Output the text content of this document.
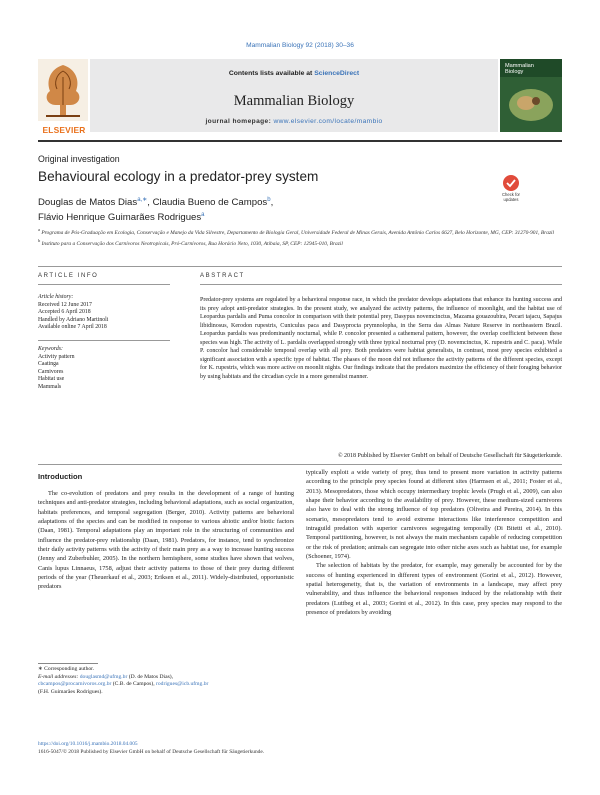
Mammalian Biology 92 (2018) 30–36
ELSEVIER
Contents lists available at ScienceDirect
Mammalian Biology
journal homepage: www.elsevier.com/locate/mambio
Mammalian
Biology
Original investigation
Behavioural ecology in a predator-prey system
Check for
updates
Douglas de Matos Dias$^{a,∗}$, Claudia Bueno de Campos$^b$,
Flávio Henrique Guimarães Rodrigues$^a$
$^a$ Programa de Pós-Graduação em Ecologia, Conservação e Manejo da Vida Silvestre, Departamento de Biologia Geral, Universidade Federal de Minas Gerais, Avenida Antônio Carlos 6627, Belo Horizonte, MG, CEP: 31270-901, Brazil
$^b$ Instituto para a Conservação dos Carnívoros Neotropicais, Pró-Carnívoros, Rua Horácio Neto, 1030, Atibaia, SP, CEP: 12945-010, Brazil
ARTICLE INFO	ABSTRACT
Article history:
Received 12 June 2017
Accepted 6 April 2018
Handled by Adriano Martinoli
Available online 7 April 2018
Keywords:
Activity pattern
Caatinga
Carnivores
Habitat use
Mammals
Predator-prey systems are regulated by a behavioral response race, in which the predator develops adaptations that enhance its hunting success and its prey adopt anti-predator strategies. In the present study, we analyzed the activity patterns, the influence of moonlight, and the habitat use of Leopardus pardalis and Puma concolor in comparison with their potential prey, Dasypus novemcinctus, Mazama gouazoubira, Pecari tajacu, Sapajus libidinosus, Kerodon rupestris, Cuniculus paca and Dasyprocta prymnolopha, in the Serra das Almas Nature Reserve in northeastern Brazil. Leopardus pardalis was predominantly nocturnal, while P. concolor presented a cathemeral pattern, however, the overlap coefficient between these species was high. The activity of L. pardalis overlapped strongly with three typical nocturnal prey (D. novemcinctus, K. rupestris and C. paca). While P. concolor had considerable temporal overlap with all prey. Both predators were habitat generalists, in contrast, most prey species exhibited a significant association with a specific type of habitat. The phases of the moon did not influence the activity patterns of the different species, except for K. rupestris, which was more active on moonlit nights. Our findings indicate that the predators maximize the efficiency of their foraging behavior by using habitats and the circadian cycle in a more generalist manner.
© 2018 Published by Elsevier GmbH on behalf of Deutsche Gesellschaft für Säugetierkunde.
Introduction
The co-evolution of predators and prey results in the development of a range of hunting techniques and anti-predator strategies, including behavioral adaptations, such as social organization, habitats preferences, and temporal segregation (Berger, 2010). Activity patterns are behavioral adaptations of the species and can be modified in response to various abiotic and/or biotic factors (Daan, 1981). Temporal adaptations play an important role in the structuring of communities and influence the predator-prey relationship (Daan, 1981). Predators, for instance, tend to synchronize their daily activity patterns with the activity of their main prey as a way to increase hunting success (Jenny and Zuberbuhler, 2005). In the northern hemisphere, some studies have shown that wolves, Canis lupus Linnaeus, 1758, adjust their activity patterns to those of their prey during different periods of the year (Theuerkauf et al., 2003; Eriksen et al., 2011). Widely-distributed, opportunistic predators

typically exploit a wide variety of prey, thus tend to present more variation in activity patterns according to the principle prey species found at different sites (Harmsen et al., 2011; Foster et al., 2013). Mesopredators, those which occupy intermediary trophic levels (Prugh et al., 2009), can also shape their behavior according to the availability of prey. However, these medium-sized carnivores also have to deal with the strong influence of top predators (Oliveira and Pereira, 2014). In this scenario, mesopredators tend to avoid extreme interactions like interference competition and intraguild predation with superior carnivores segregating temporally (Di Bitetti et al., 2010). Temporal partitioning, however, is not always the main mechanism capable of reducing competition or the risk of predation; animals can segregate into other niche axes such as habitat use, for example (Schoener, 1974).

The selection of habitats by the predator, for example, may generally be accounted for by the success of hunting experienced in different types of environment (Gorini et al., 2012). However, spatial heterogeneity, that is, the variation of environments in a landscape, may affect prey vulnerability, and thus influence the behavioral responses induced by the relationship with their predators (Luttbeg et al., 2003; Gorini et al., 2012). In this case, prey species may respond to the presence of predators by avoiding

∗ Corresponding author.
E-mail addresses: douglasmd@ufmg.br (D. de Matos Dias),
cbcampos@procarnivoros.org.br (C.B. de Campos), rodrigues@icb.ufmg.br
(F.H. Guimarães Rodrigues).
https://doi.org/10.1016/j.mambio.2018.04.005
1616-5047/© 2018 Published by Elsevier GmbH on behalf of Deutsche Gesellschaft für Säugetierkunde.
